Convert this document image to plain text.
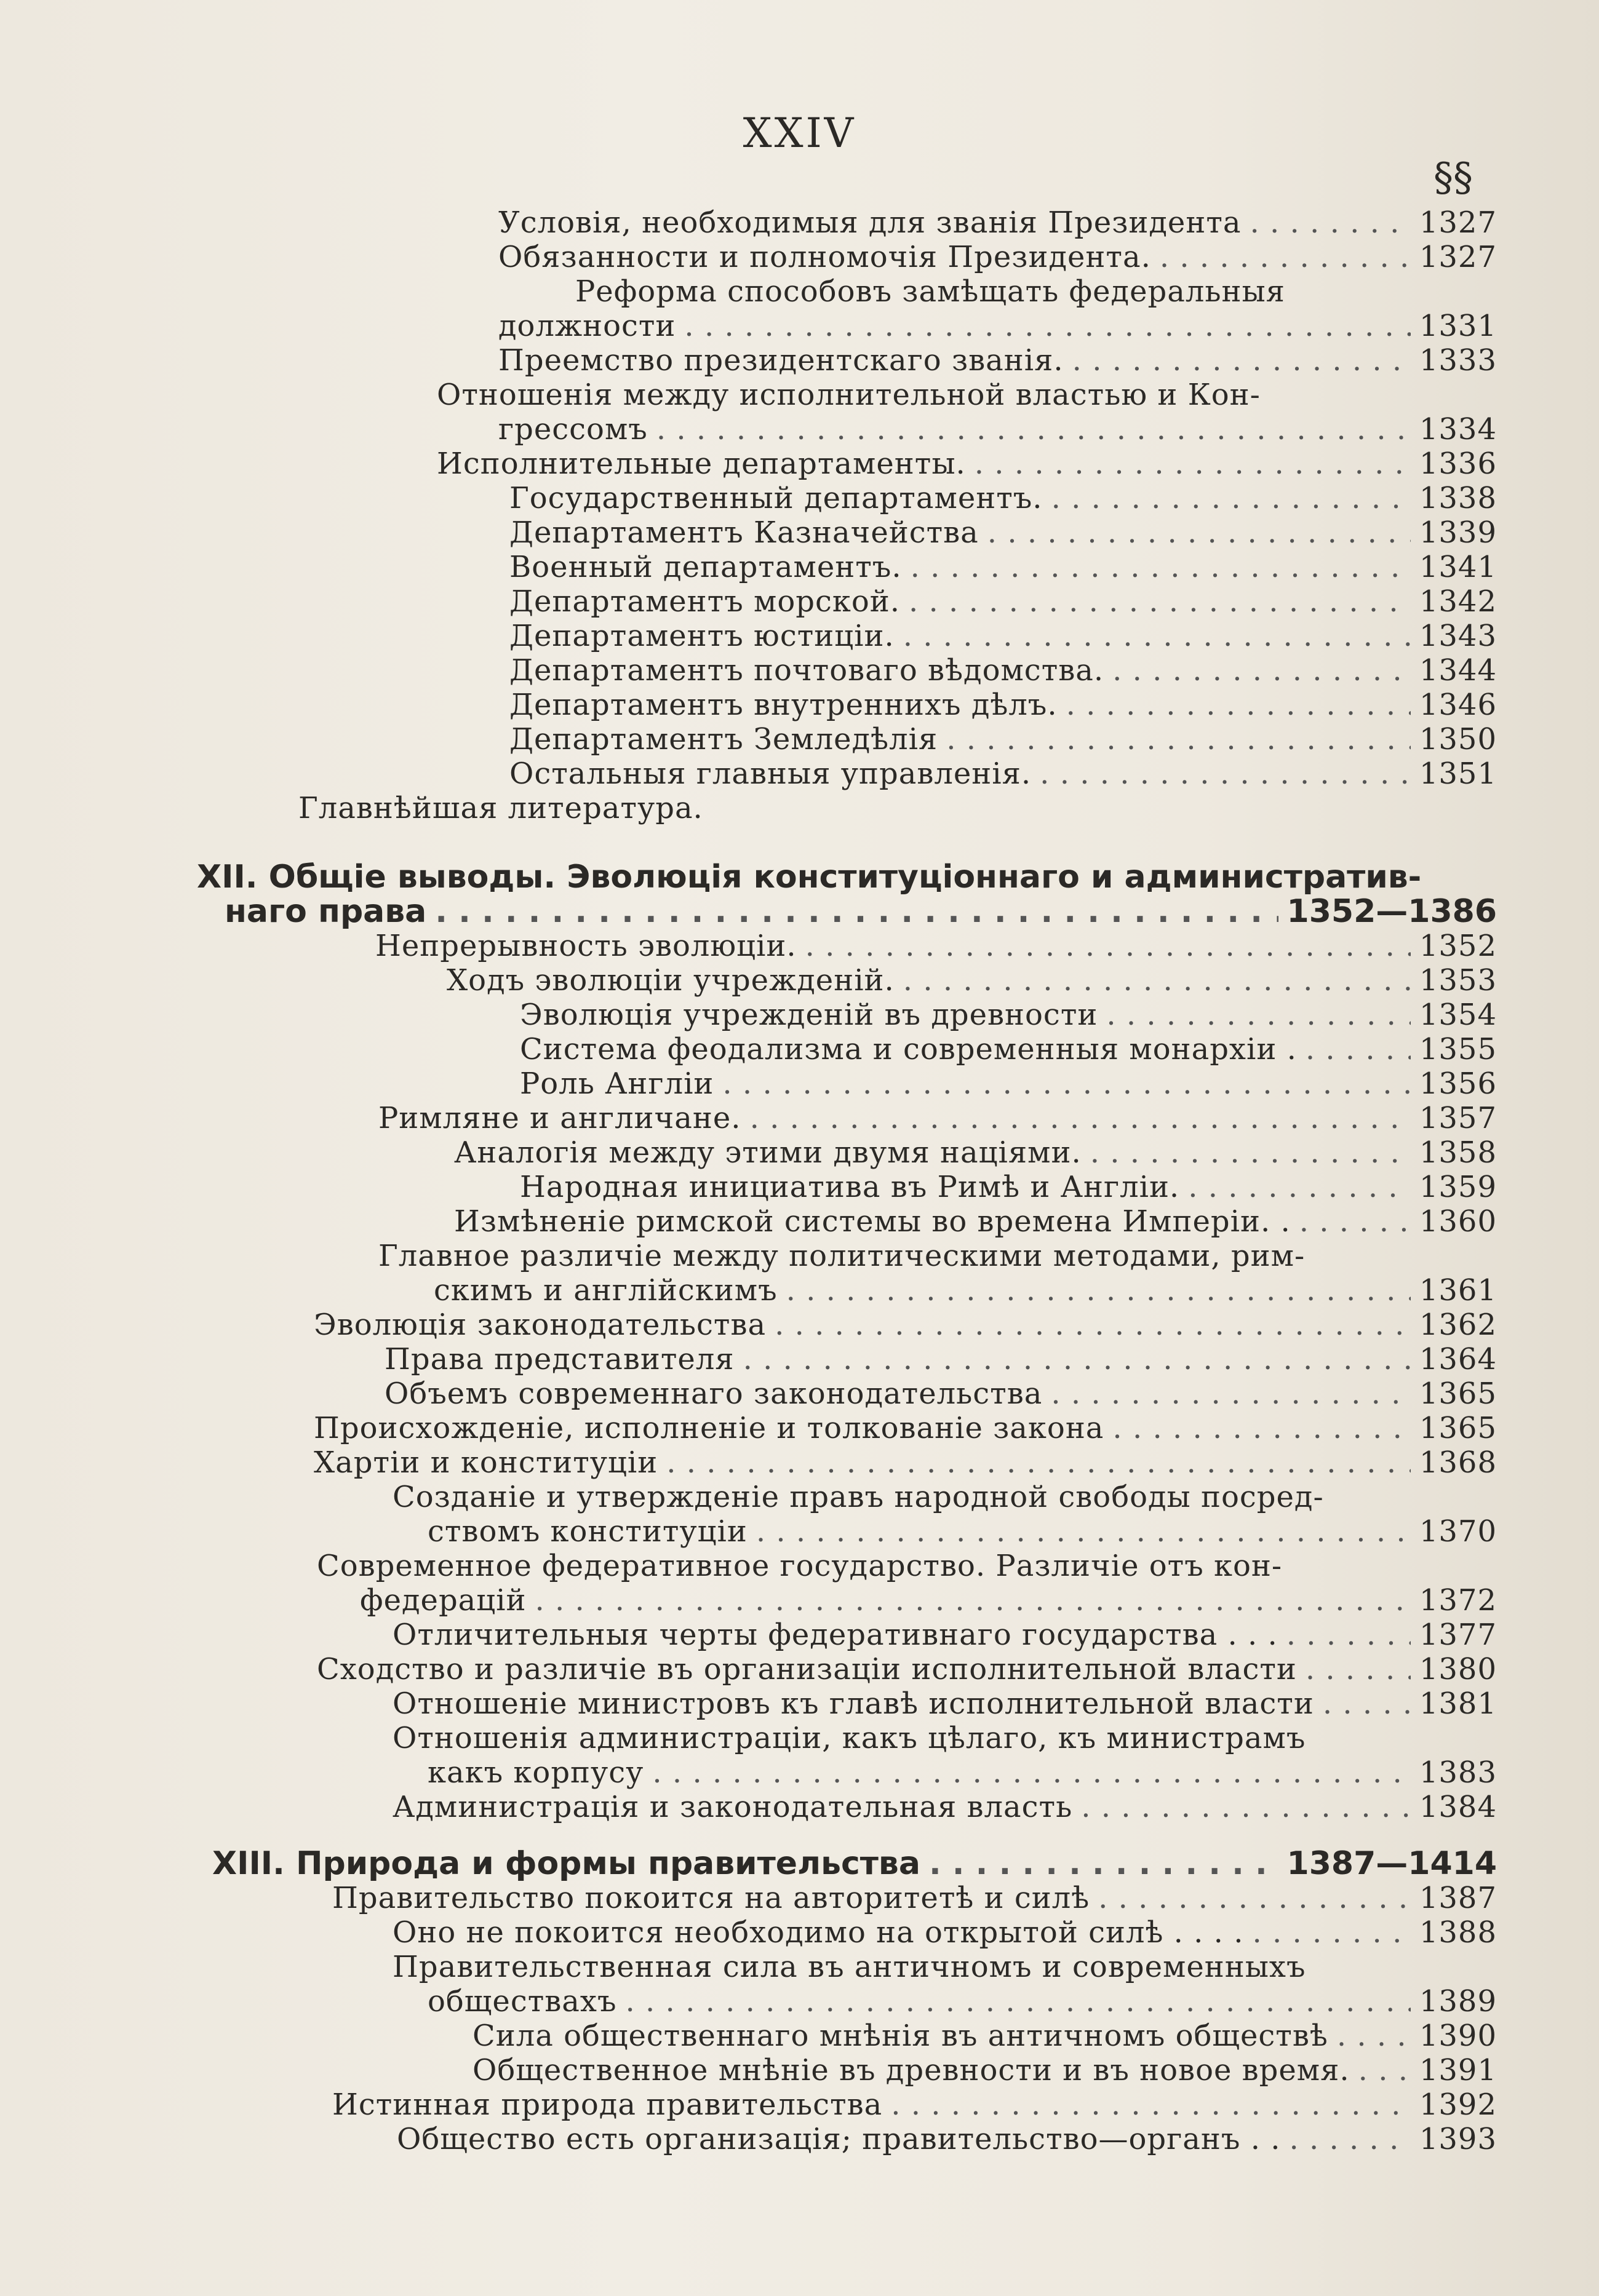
XXIV
§§
Условія, необходимыя для званія Президента . . .	1327
Обязанности и полномочія Президента. . . .	1327
Реформа способовъ замѣщать федеральныя
должности . . .	1331
Преемство президентскаго званія. . . .	1333
Отношенія между исполнительной властью и Кон-
грессомъ . . .	1334
Исполнительные департаменты. . . .	1336
Государственный департаментъ. . . .	1338
Департаментъ Казначейства . . .	1339
Военный департаментъ. . . .	1341
Департаментъ морской. . . .	1342
Департаментъ юстиціи. . . .	1343
Департаментъ почтоваго вѣдомства. . . .	1344
Департаментъ внутреннихъ дѣлъ. . . .	1346
Департаментъ Земледѣлія . . .	1350
Остальныя главныя управленія. . . .	1351
Главнѣйшая литература.
XII. Общіе выводы. Эволюція конституціоннаго и административ-
наго права . . .	1352—1386
Непрерывность эволюціи. . . .	1352
Ходъ эволюціи учрежденій. . . .	1353
Эволюція учрежденій въ древности . . .	1354
Система феодализма и современныя монархіи . . . .	1355
Роль Англіи . . .	1356
Римляне и англичане. . . .	1357
Аналогія между этими двумя націями. . . .	1358
Народная инициатива въ Римѣ и Англіи. . . .	1359
Измѣненіе римской системы во времена Имперіи. . . . .	1360
Главное различіе между политическими методами, рим-
скимъ и англійскимъ . . .	1361
Эволюція законодательства . . .	1362
Права представителя . . .	1364
Объемъ современнаго законодательства . . .	1365
Происхожденіе, исполненіе и толкованіе закона . . .	1365
Хартіи и конституціи . . .	1368
Созданіе и утвержденіе правъ народной свободы посред-
ствомъ конституціи . . .	1370
Современное федеративное государство. Различіе отъ кон-
федерацій . . .	1372
Отличительныя черты федеративнаго государства . . . . . .	1377
Сходство и различіе въ организаціи исполнительной власти . . .	1380
Отношеніе министровъ къ главѣ исполнительной власти . . .	1381
Отношенія администраціи, какъ цѣлаго, къ министрамъ
какъ корпусу . . .	1383
Администрація и законодательная власть . . .	1384
XIII. Природа и формы правительства . . .	1387—1414
Правительство покоится на авторитетѣ и силѣ . . .	1387
Оно не покоится необходимо на открытой силѣ . . . . . . .	1388
Правительственная сила въ античномъ и современныхъ
обществахъ . . .	1389
Сила общественнаго мнѣнія въ античномъ обществѣ . . .	1390
Общественное мнѣніе въ древности и въ новое время. . . . 1391
Истинная природа правительства . . .	1392
Общество есть организація; правительство—органъ . . . . .	1393
